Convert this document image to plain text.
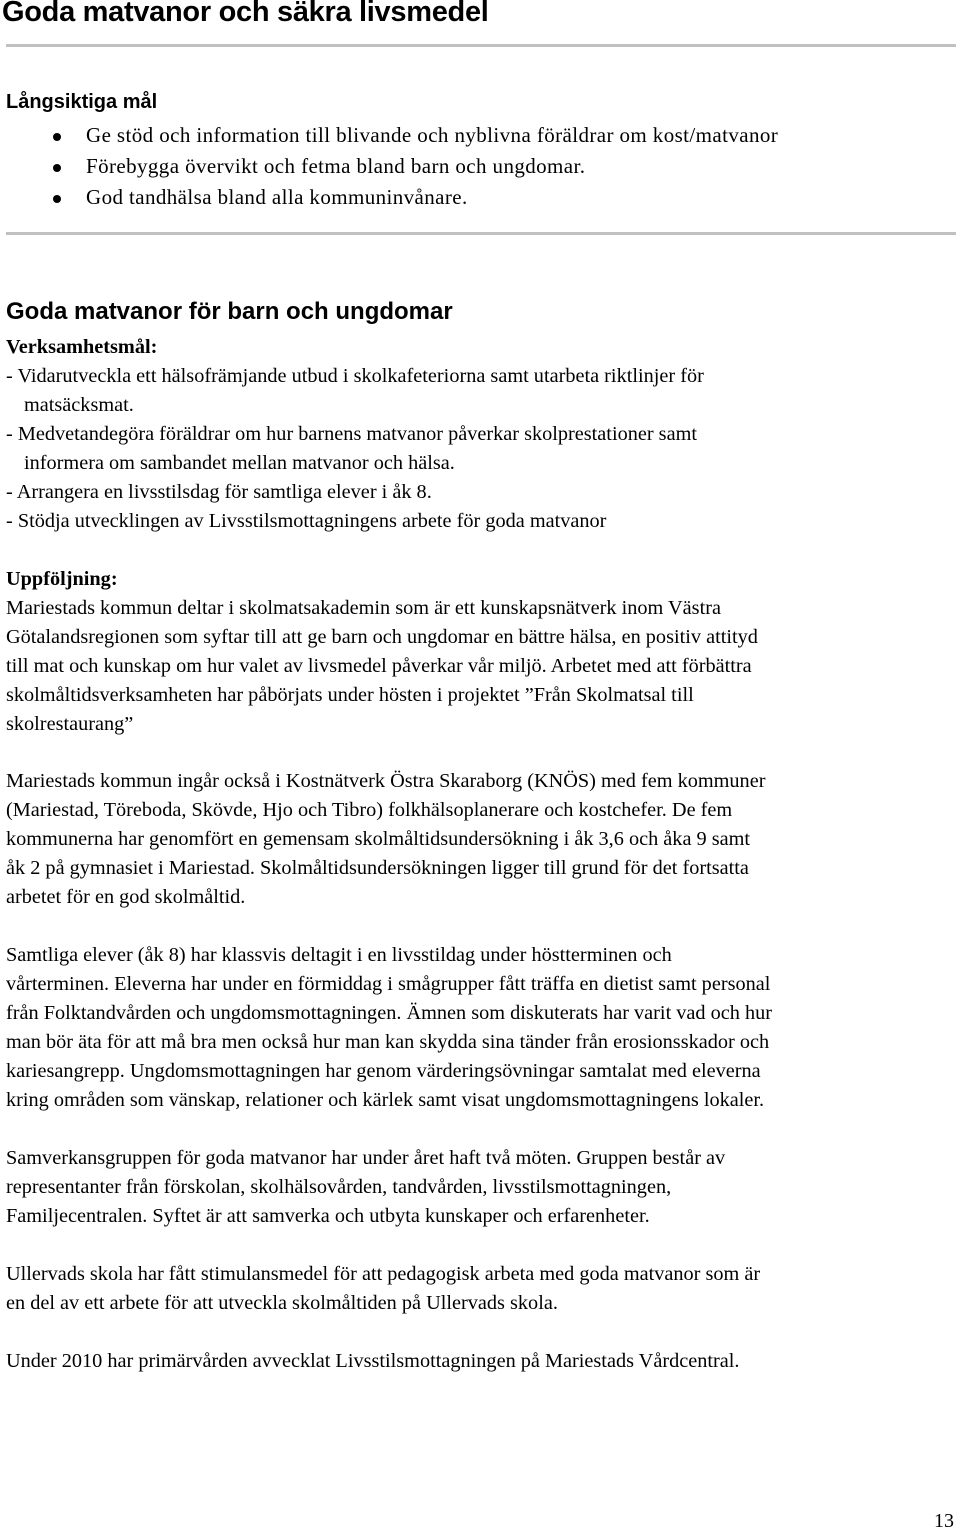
Goda matvanor och säkra livsmedel
Långsiktiga mål
Ge stöd och information till blivande och nyblivna föräldrar om kost/matvanor
Förebygga övervikt och fetma bland barn och ungdomar.
God tandhälsa bland alla kommuninvånare.
Goda matvanor för barn och ungdomar
Verksamhetsmål:
- Vidarutveckla ett hälsofrämjande utbud i skolkafeteriorna samt utarbeta riktlinjer för
matsäcksmat.
- Medvetandegöra föräldrar om hur barnens matvanor påverkar skolprestationer samt
informera om sambandet mellan matvanor och hälsa.
- Arrangera en livsstilsdag för samtliga elever i åk 8.
- Stödja utvecklingen av Livsstilsmottagningens arbete för goda matvanor
Uppföljning:
Mariestads kommun deltar i skolmatsakademin som är ett kunskapsnätverk inom Västra
Götalandsregionen som syftar till att ge barn och ungdomar en bättre hälsa, en positiv attityd
till mat och kunskap om hur valet av livsmedel påverkar vår miljö. Arbetet med att förbättra
skolmåltidsverksamheten har påbörjats under hösten i projektet ”Från Skolmatsal till
skolrestaurang”
Mariestads kommun ingår också i Kostnätverk Östra Skaraborg (KNÖS) med fem kommuner
(Mariestad, Töreboda, Skövde, Hjo och Tibro) folkhälsoplanerare och kostchefer. De fem
kommunerna har genomfört en gemensam skolmåltidsundersökning i åk 3,6 och åka 9 samt
åk 2 på gymnasiet i Mariestad. Skolmåltidsundersökningen ligger till grund för det fortsatta
arbetet för en god skolmåltid.
Samtliga elever (åk 8) har klassvis deltagit i en livsstildag under höstterminen och
vårterminen. Eleverna har under en förmiddag i smågrupper fått träffa en dietist samt personal
från Folktandvården och ungdomsmottagningen. Ämnen som diskuterats har varit vad och hur
man bör äta för att må bra men också hur man kan skydda sina tänder från erosionsskador och
kariesangrepp. Ungdomsmottagningen har genom värderingsövningar samtalat med eleverna
kring områden som vänskap, relationer och kärlek samt visat ungdomsmottagningens lokaler.
Samverkansgruppen för goda matvanor har under året haft två möten. Gruppen består av
representanter från förskolan, skolhälsovården, tandvården, livsstilsmottagningen,
Familjecentralen. Syftet är att samverka och utbyta kunskaper och erfarenheter.
Ullervads skola har fått stimulansmedel för att pedagogisk arbeta med goda matvanor som är
en del av ett arbete för att utveckla skolmåltiden på Ullervads skola.
Under 2010 har primärvården avvecklat Livsstilsmottagningen på Mariestads Vårdcentral.
13
